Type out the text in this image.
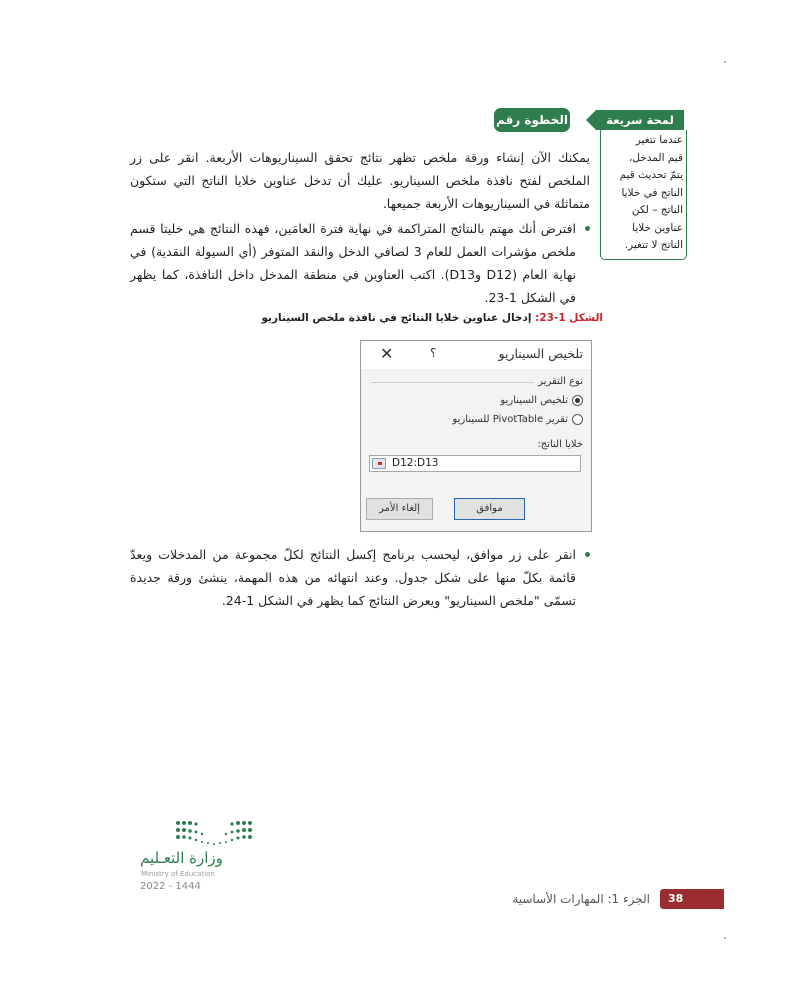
الخطوة رقم 3
لمحة سريعة
عندما تتغير
قيم المدخل،
يتمّ تحديث قيم
الناتج في خلايا
الناتج – لكن
عناوين خلايا
الناتج لا تتغير.
يمكنك الآن إنشاء ورقة ملخص تظهر نتائج تحقق السيناريوهات الأربعة. انقر على زر الملخص لفتح نافذة ملخص السيناريو. عليك أن تدخل عناوين خلايا الناتج التي ستكون متماثلة في السيناريوهات الأربعة جميعها.
افترض أنك مهتم بالنتائج المتراكمة في نهاية فترة العامَين، فهذه النتائج هي خليتا قسم ملخص مؤشرات العمل للعام 3 لصافي الدخل والنقد المتوفر (أي السيولة النقدية) في نهاية العام (D12 وD13). اكتب العناوين في منطقة المدخل داخل النافذة، كما يظهر في الشكل 1-23.
الشكل 1-23: إدخال عناوين خلايا النتائج في نافذة ملخص السيناريو
تلخيص السيناريو
؟
✕
نوع التقرير
تلخيص السيناريو
تقرير PivotTable للسيناريو
خلايا الناتج:
D12:D13
موافق
إلغاء الأمر
انقر على زر موافق، ليحسب برنامج إكسل النتائج لكلّ مجموعة من المدخلات ويعدّ قائمة بكلّ منها على شكل جدول. وعند انتهائه من هذه المهمة، ينشئ ورقة جديدة تسمّى "ملخص السيناريو" ويعرض النتائج كما يظهر في الشكل 1-24.
وزارة التعـليم
Ministry of Education
2022 - 1444
38
الجزء 1: المهارات الأساسية
